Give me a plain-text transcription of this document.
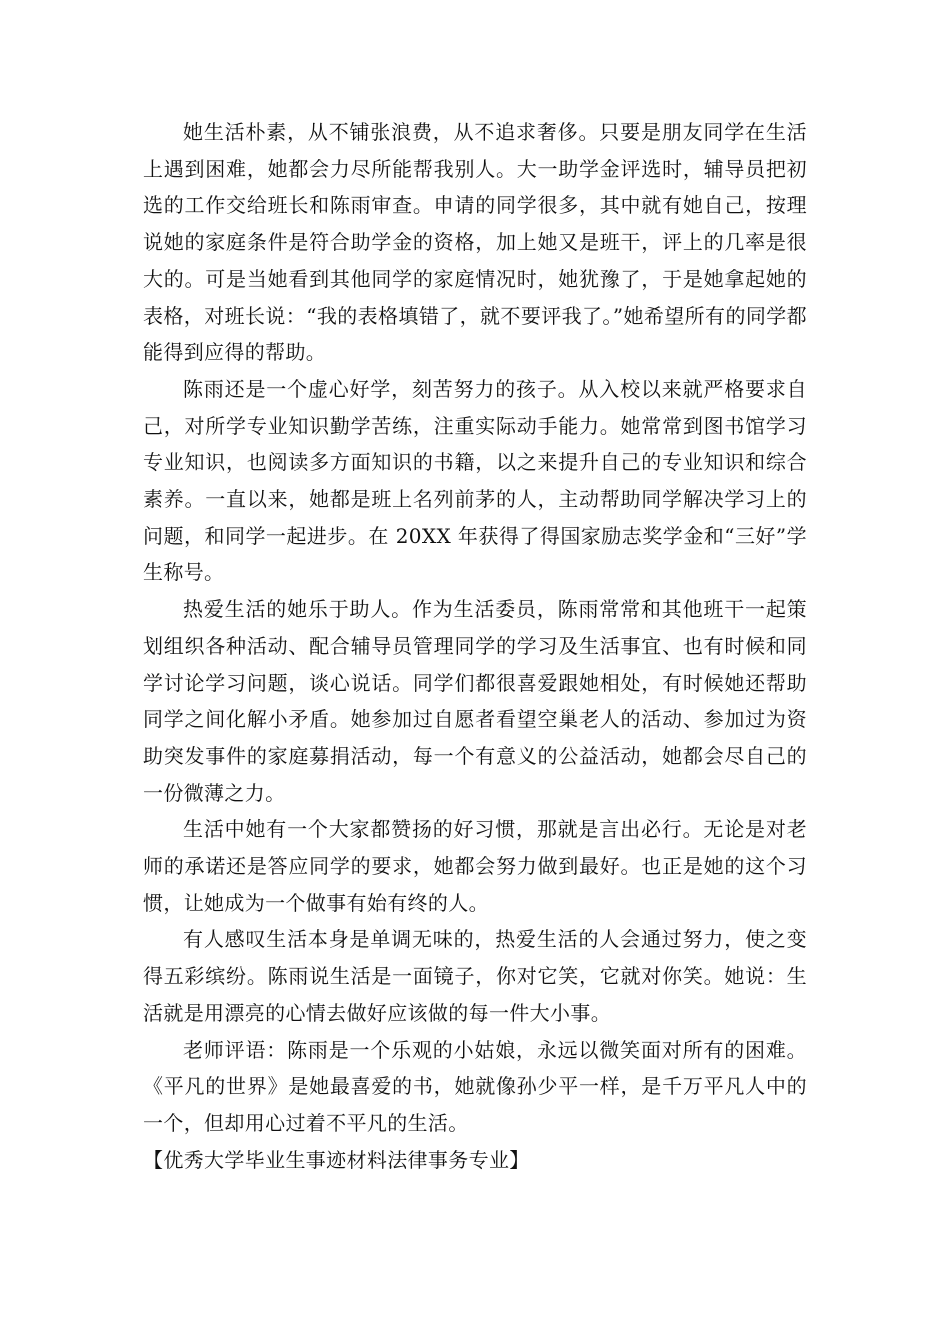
她生活朴素，从不铺张浪费，从不追求奢侈。只要是朋友同学在生活上遇到困难，她都会力尽所能帮我别人。大一助学金评选时，辅导员把初选的工作交给班长和陈雨审查。申请的同学很多，其中就有她自己，按理说她的家庭条件是符合助学金的资格，加上她又是班干，评上的几率是很大的。可是当她看到其他同学的家庭情况时，她犹豫了，于是她拿起她的表格，对班长说：“我的表格填错了，就不要评我了。”她希望所有的同学都能得到应得的帮助。

陈雨还是一个虚心好学，刻苦努力的孩子。从入校以来就严格要求自己，对所学专业知识勤学苦练，注重实际动手能力。她常常到图书馆学习专业知识，也阅读多方面知识的书籍，以之来提升自己的专业知识和综合素养。一直以来，她都是班上名列前茅的人，主动帮助同学解决学习上的问题，和同学一起进步。在 20XX 年获得了得国家励志奖学金和“三好”学生称号。

热爱生活的她乐于助人。作为生活委员，陈雨常常和其他班干一起策划组织各种活动、配合辅导员管理同学的学习及生活事宜、也有时候和同学讨论学习问题，谈心说话。同学们都很喜爱跟她相处，有时候她还帮助同学之间化解小矛盾。她参加过自愿者看望空巢老人的活动、参加过为资助突发事件的家庭募捐活动，每一个有意义的公益活动，她都会尽自己的一份微薄之力。

生活中她有一个大家都赞扬的好习惯，那就是言出必行。无论是对老师的承诺还是答应同学的要求，她都会努力做到最好。也正是她的这个习惯，让她成为一个做事有始有终的人。

有人感叹生活本身是单调无味的，热爱生活的人会通过努力，使之变得五彩缤纷。陈雨说生活是一面镜子，你对它笑，它就对你笑。她说：生活就是用漂亮的心情去做好应该做的每一件大小事。

老师评语：陈雨是一个乐观的小姑娘，永远以微笑面对所有的困难。《平凡的世界》是她最喜爱的书，她就像孙少平一样，是千万平凡人中的一个，但却用心过着不平凡的生活。

【优秀大学毕业生事迹材料法律事务专业】
